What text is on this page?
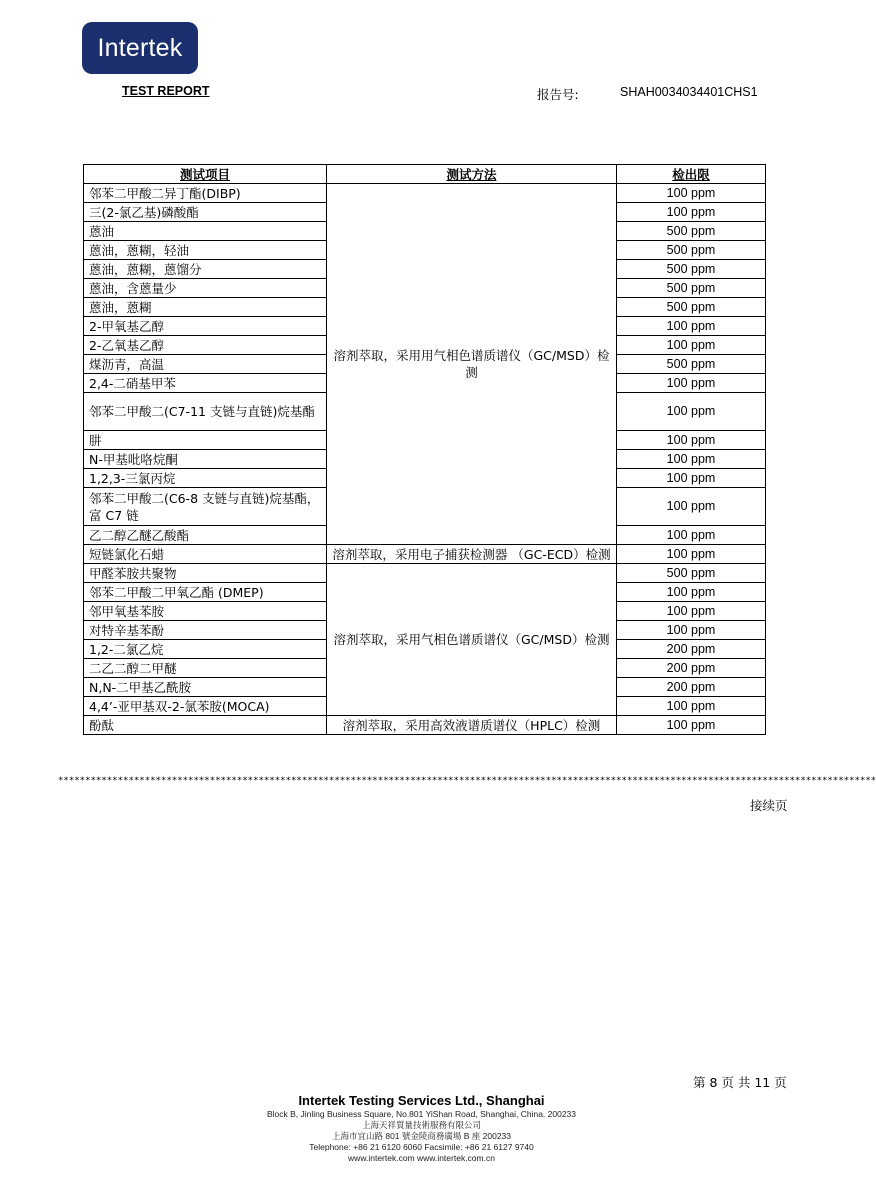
Intertek
TEST REPORT	报告号:	SHAH0034034401CHS1
测试项目	测试方法	检出限
邻苯二甲酸二异丁酯(DIBP)	溶剂萃取，采用用气相色谱质谱仪（GC/MSD）检测	100 ppm
三(2-氯乙基)磷酸酯		100 ppm
蒽油		500 ppm
蒽油，蒽糊，轻油		500 ppm
蒽油，蒽糊，蒽馏分		500 ppm
蒽油，含蒽量少		500 ppm
蒽油，蒽糊		500 ppm
2-甲氧基乙醇		100 ppm
2-乙氧基乙醇		100 ppm
煤沥青，高温		500 ppm
2,4-二硝基甲苯		100 ppm
邻苯二甲酸二(C7-11 支链与直链)烷基酯		100 ppm
肼		100 ppm
N-甲基吡咯烷酮		100 ppm
1,2,3-三氯丙烷		100 ppm
邻苯二甲酸二(C6-8 支链与直链)烷基酯，富 C7 链		100 ppm
乙二醇乙醚乙酸酯		100 ppm
短链氯化石蜡	溶剂萃取，采用电子捕获检测器 （GC-ECD）检测	100 ppm
甲醛苯胺共聚物	溶剂萃取，采用气相色谱质谱仪（GC/MSD）检测	500 ppm
邻苯二甲酸二甲氧乙酯 (DMEP)		100 ppm
邻甲氧基苯胺		100 ppm
对特辛基苯酚		100 ppm
1,2-二氯乙烷		200 ppm
二乙二醇二甲醚		200 ppm
N,N-二甲基乙酰胺		200 ppm
4,4’-亚甲基双-2-氯苯胺(MOCA)		100 ppm
酚酞	溶剂萃取，采用高效液谱质谱仪（HPLC）检测	100 ppm
*******************************************************************************************************************************************************
接续页
第 8 页 共 11 页
Intertek Testing Services Ltd., Shanghai
Block B, Jinling Business Square, No.801 YiShan Road, Shanghai, China. 200233
上海天祥質量技術服務有限公司
上海市宜山路 801 號金陵商務廣場 B 座 200233
Telephone: +86 21 6120 6060 Facsimile: +86 21 6127 9740
www.intertek.com www.intertek.com.cn
